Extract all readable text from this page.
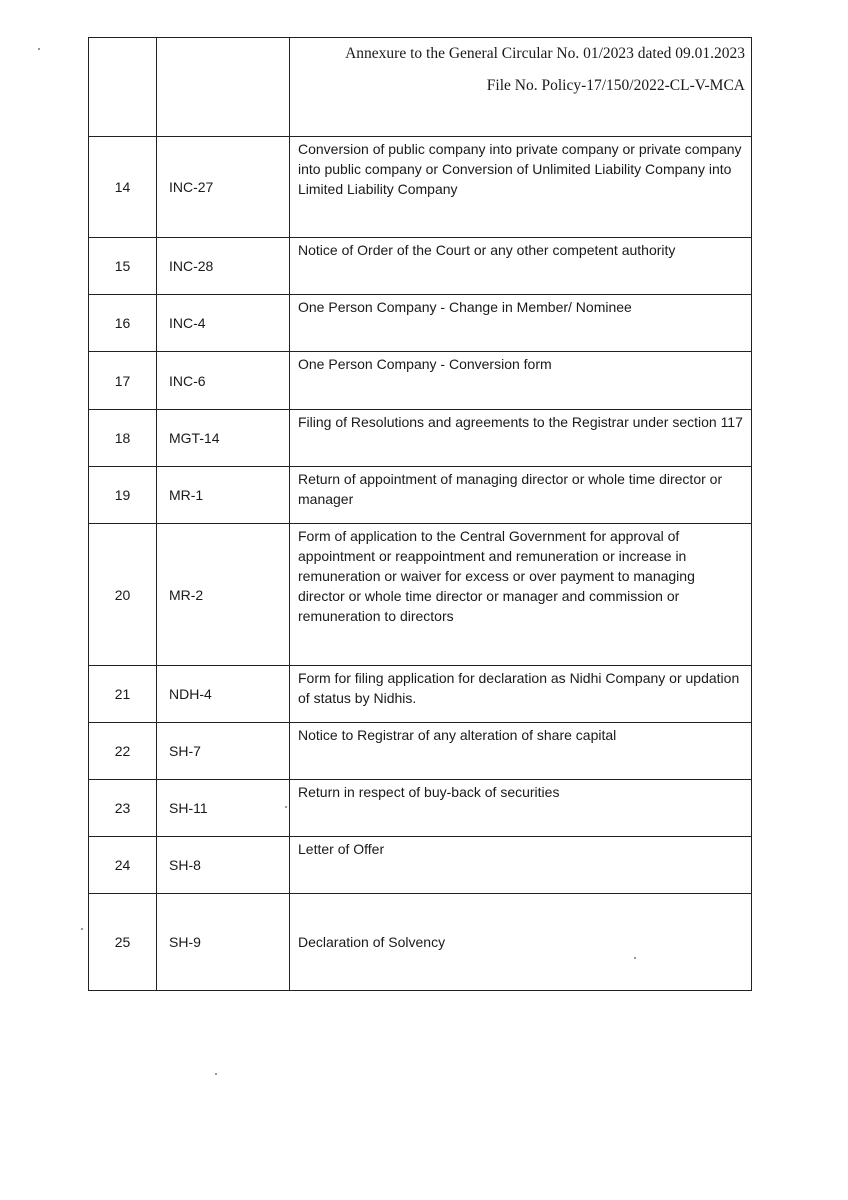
		Annexure to the General Circular No. 01/2023 dated 09.01.2023
File No. Policy-17/150/2022-CL-V-MCA

14	INC-27	Conversion of public company into private company or private company into public company or Conversion of Unlimited Liability Company into Limited Liability Company
15	INC-28	Notice of Order of the Court or any other competent authority
16	INC-4	One Person Company - Change in Member/ Nominee
17	INC-6	One Person Company - Conversion form
18	MGT-14	Filing of Resolutions and agreements to the Registrar under section 117
19	MR-1	Return of appointment of managing director or whole time director or manager
20	MR-2	Form of application to the Central Government for approval of appointment or reappointment and remuneration or increase in remuneration or waiver for excess or over payment to managing director or whole time director or manager and commission or remuneration to directors
21	NDH-4	Form for filing application for declaration as Nidhi Company or updation of status by Nidhis.
22	SH-7	Notice to Registrar of any alteration of share capital
23	SH-11	Return in respect of buy-back of securities
24	SH-8	Letter of Offer
25	SH-9	Declaration of Solvency
